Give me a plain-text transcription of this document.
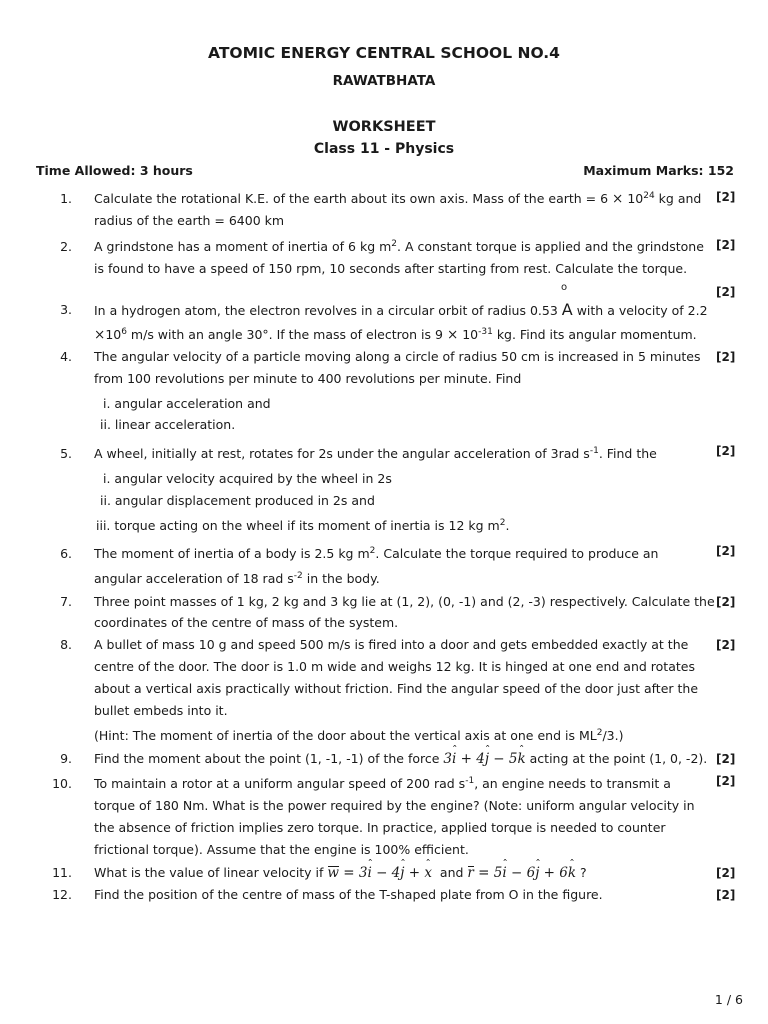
ATOMIC ENERGY CENTRAL SCHOOL NO.4
RAWATBHATA
WORKSHEET
Class 11 - Physics
Time Allowed: 3 hours	Maximum Marks: 152
1. Calculate the rotational K.E. of the earth about its own axis. Mass of the earth = $6 \times 10^{24}$ kg and
radius of the earth = 6400 km
[2]
2. A grindstone has a moment of inertia of 6 kg $m^2$. A constant torque is applied and the grindstone
is found to have a speed of 150 rpm, 10 seconds after starting from rest. Calculate the torque.
[2]
o
3. In a hydrogen atom, the electron revolves in a circular orbit of radius 0.53 A with a velocity of 2.2
$\times 10^6$ m/s with an angle 30°. If the mass of electron is $9 \times 10^{-31}$ kg. Find its angular momentum.
[2]
4. The angular velocity of a particle moving along a circle of radius 50 cm is increased in 5 minutes
from 100 revolutions per minute to 400 revolutions per minute. Find
i. angular acceleration and
ii. linear acceleration.
[2]
5. A wheel, initially at rest, rotates for 2s under the angular acceleration of 3rad $s^{-1}$. Find the
i. angular velocity acquired by the wheel in 2s
ii. angular displacement produced in 2s and
iii. torque acting on the wheel if its moment of inertia is 12 kg $m^2$.
[2]
6. The moment of inertia of a body is 2.5 kg $m^2$. Calculate the torque required to produce an
angular acceleration of 18 rad $s^{-2}$ in the body.
[2]
7. Three point masses of 1 kg, 2 kg and 3 kg lie at (1, 2), (0, -1) and (2, -3) respectively. Calculate the
coordinates of the centre of mass of the system.
[2]
8. A bullet of mass 10 g and speed 500 m/s is fired into a door and gets embedded exactly at the
centre of the door. The door is 1.0 m wide and weighs 12 kg. It is hinged at one end and rotates
about a vertical axis practically without friction. Find the angular speed of the door just after the
bullet embeds into it.
(Hint: The moment of inertia of the door about the vertical axis at one end is $ML^2/3$.)
[2]
9. Find the moment about the point (1, -1, -1) of the force 3i ˆ + 4j ˆ − 5k ˆ acting at the point (1, 0, -2). [2]
10. To maintain a rotor at a uniform angular speed of 200 rad $s^{-1}$, an engine needs to transmit a
torque of 180 Nm. What is the power required by the engine? (Note: uniform angular velocity in
the absence of friction implies zero torque. In practice, applied torque is needed to counter
frictional torque). Assume that the engine is 100% efficient.
[2]
11. What is the value of linear velocity if w = 3i ˆ − 4j ˆ + x ˆ  and r = 5i ˆ − 6j ˆ + 6k ˆ ?	[2]
12. Find the position of the centre of mass of the T-shaped plate from O in the figure.	[2]
1 / 6
